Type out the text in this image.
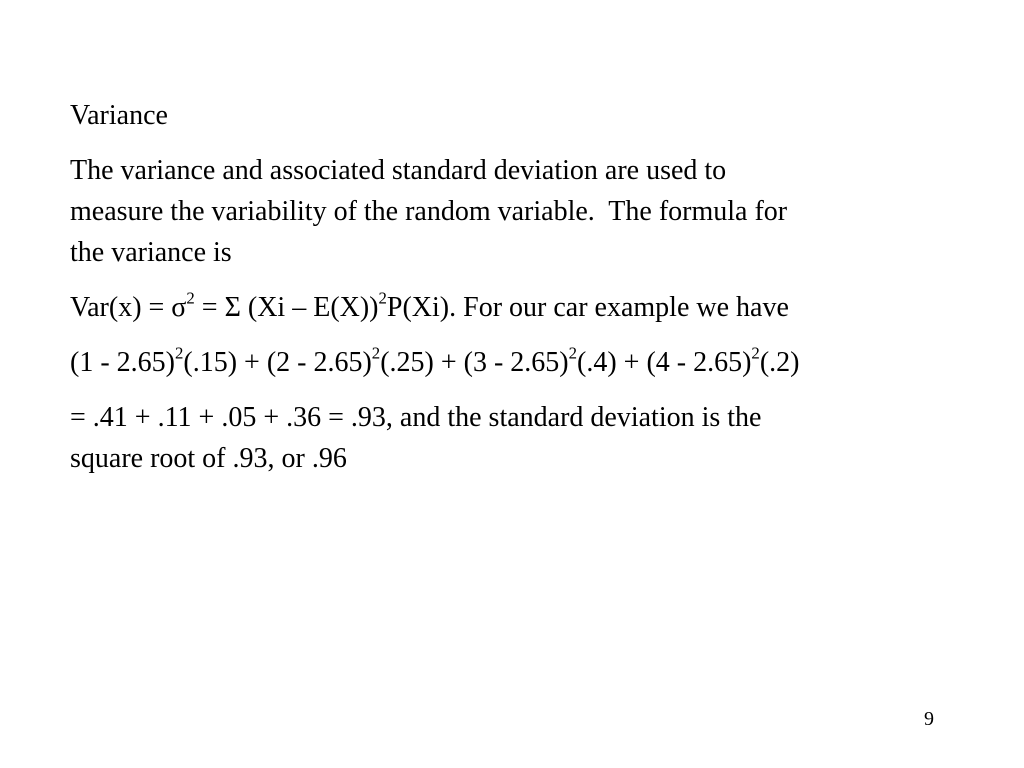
Variance

The variance and associated standard deviation are used to
measure the variability of the random variable.  The formula for
the variance is

$Var(x) = \sigma^2 = \Sigma$ (Xi – E(X))$^2$P(Xi). For our car example we have

(1 - 2.65)$^2$(.15) + (2 - 2.65)$^2$(.25) + (3 - 2.65)$^2$(.4) + (4 - 2.65)$^2$(.2)

= .41 + .11 + .05 + .36 = .93, and the standard deviation is the
square root of .93, or .96

9
